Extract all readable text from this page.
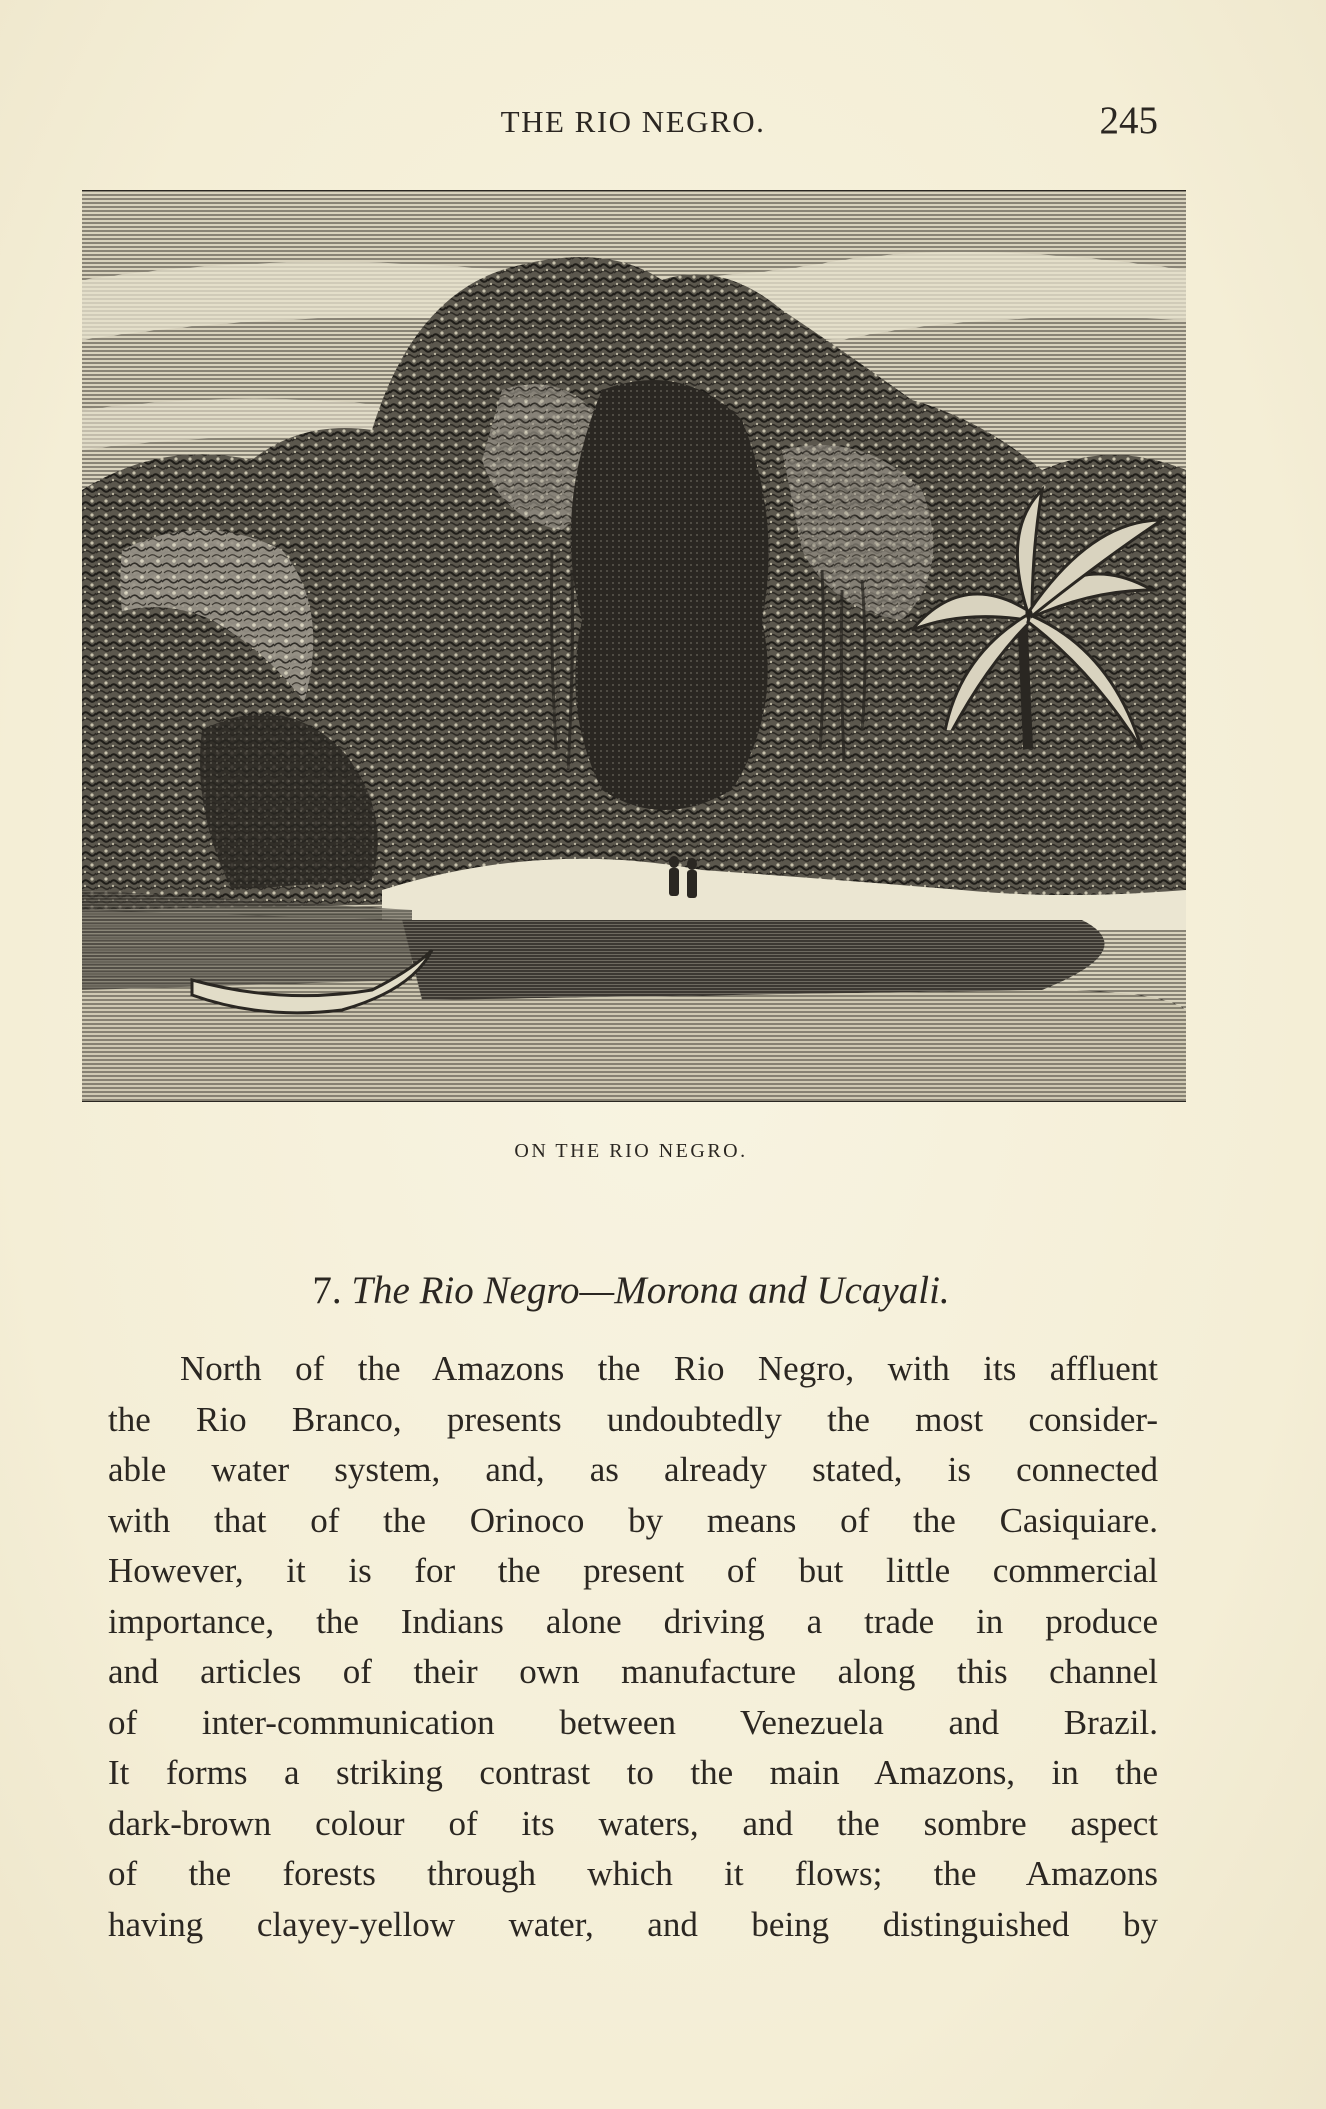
THE RIO NEGRO.	245
ON THE RIO NEGRO.
7. The Rio Negro—Morona and Ucayali.
North of the Amazons the Rio Negro, with its affluent
the Rio Branco, presents undoubtedly the most consider-
able water system, and, as already stated, is connected
with that of the Orinoco by means of the Casiquiare.
However, it is for the present of but little commercial
importance, the Indians alone driving a trade in produce
and articles of their own manufacture along this channel
of inter-communication between Venezuela and Brazil.
It forms a striking contrast to the main Amazons, in the
dark-brown colour of its waters, and the sombre aspect
of the forests through which it flows; the Amazons
having clayey-yellow water, and being distinguished by
